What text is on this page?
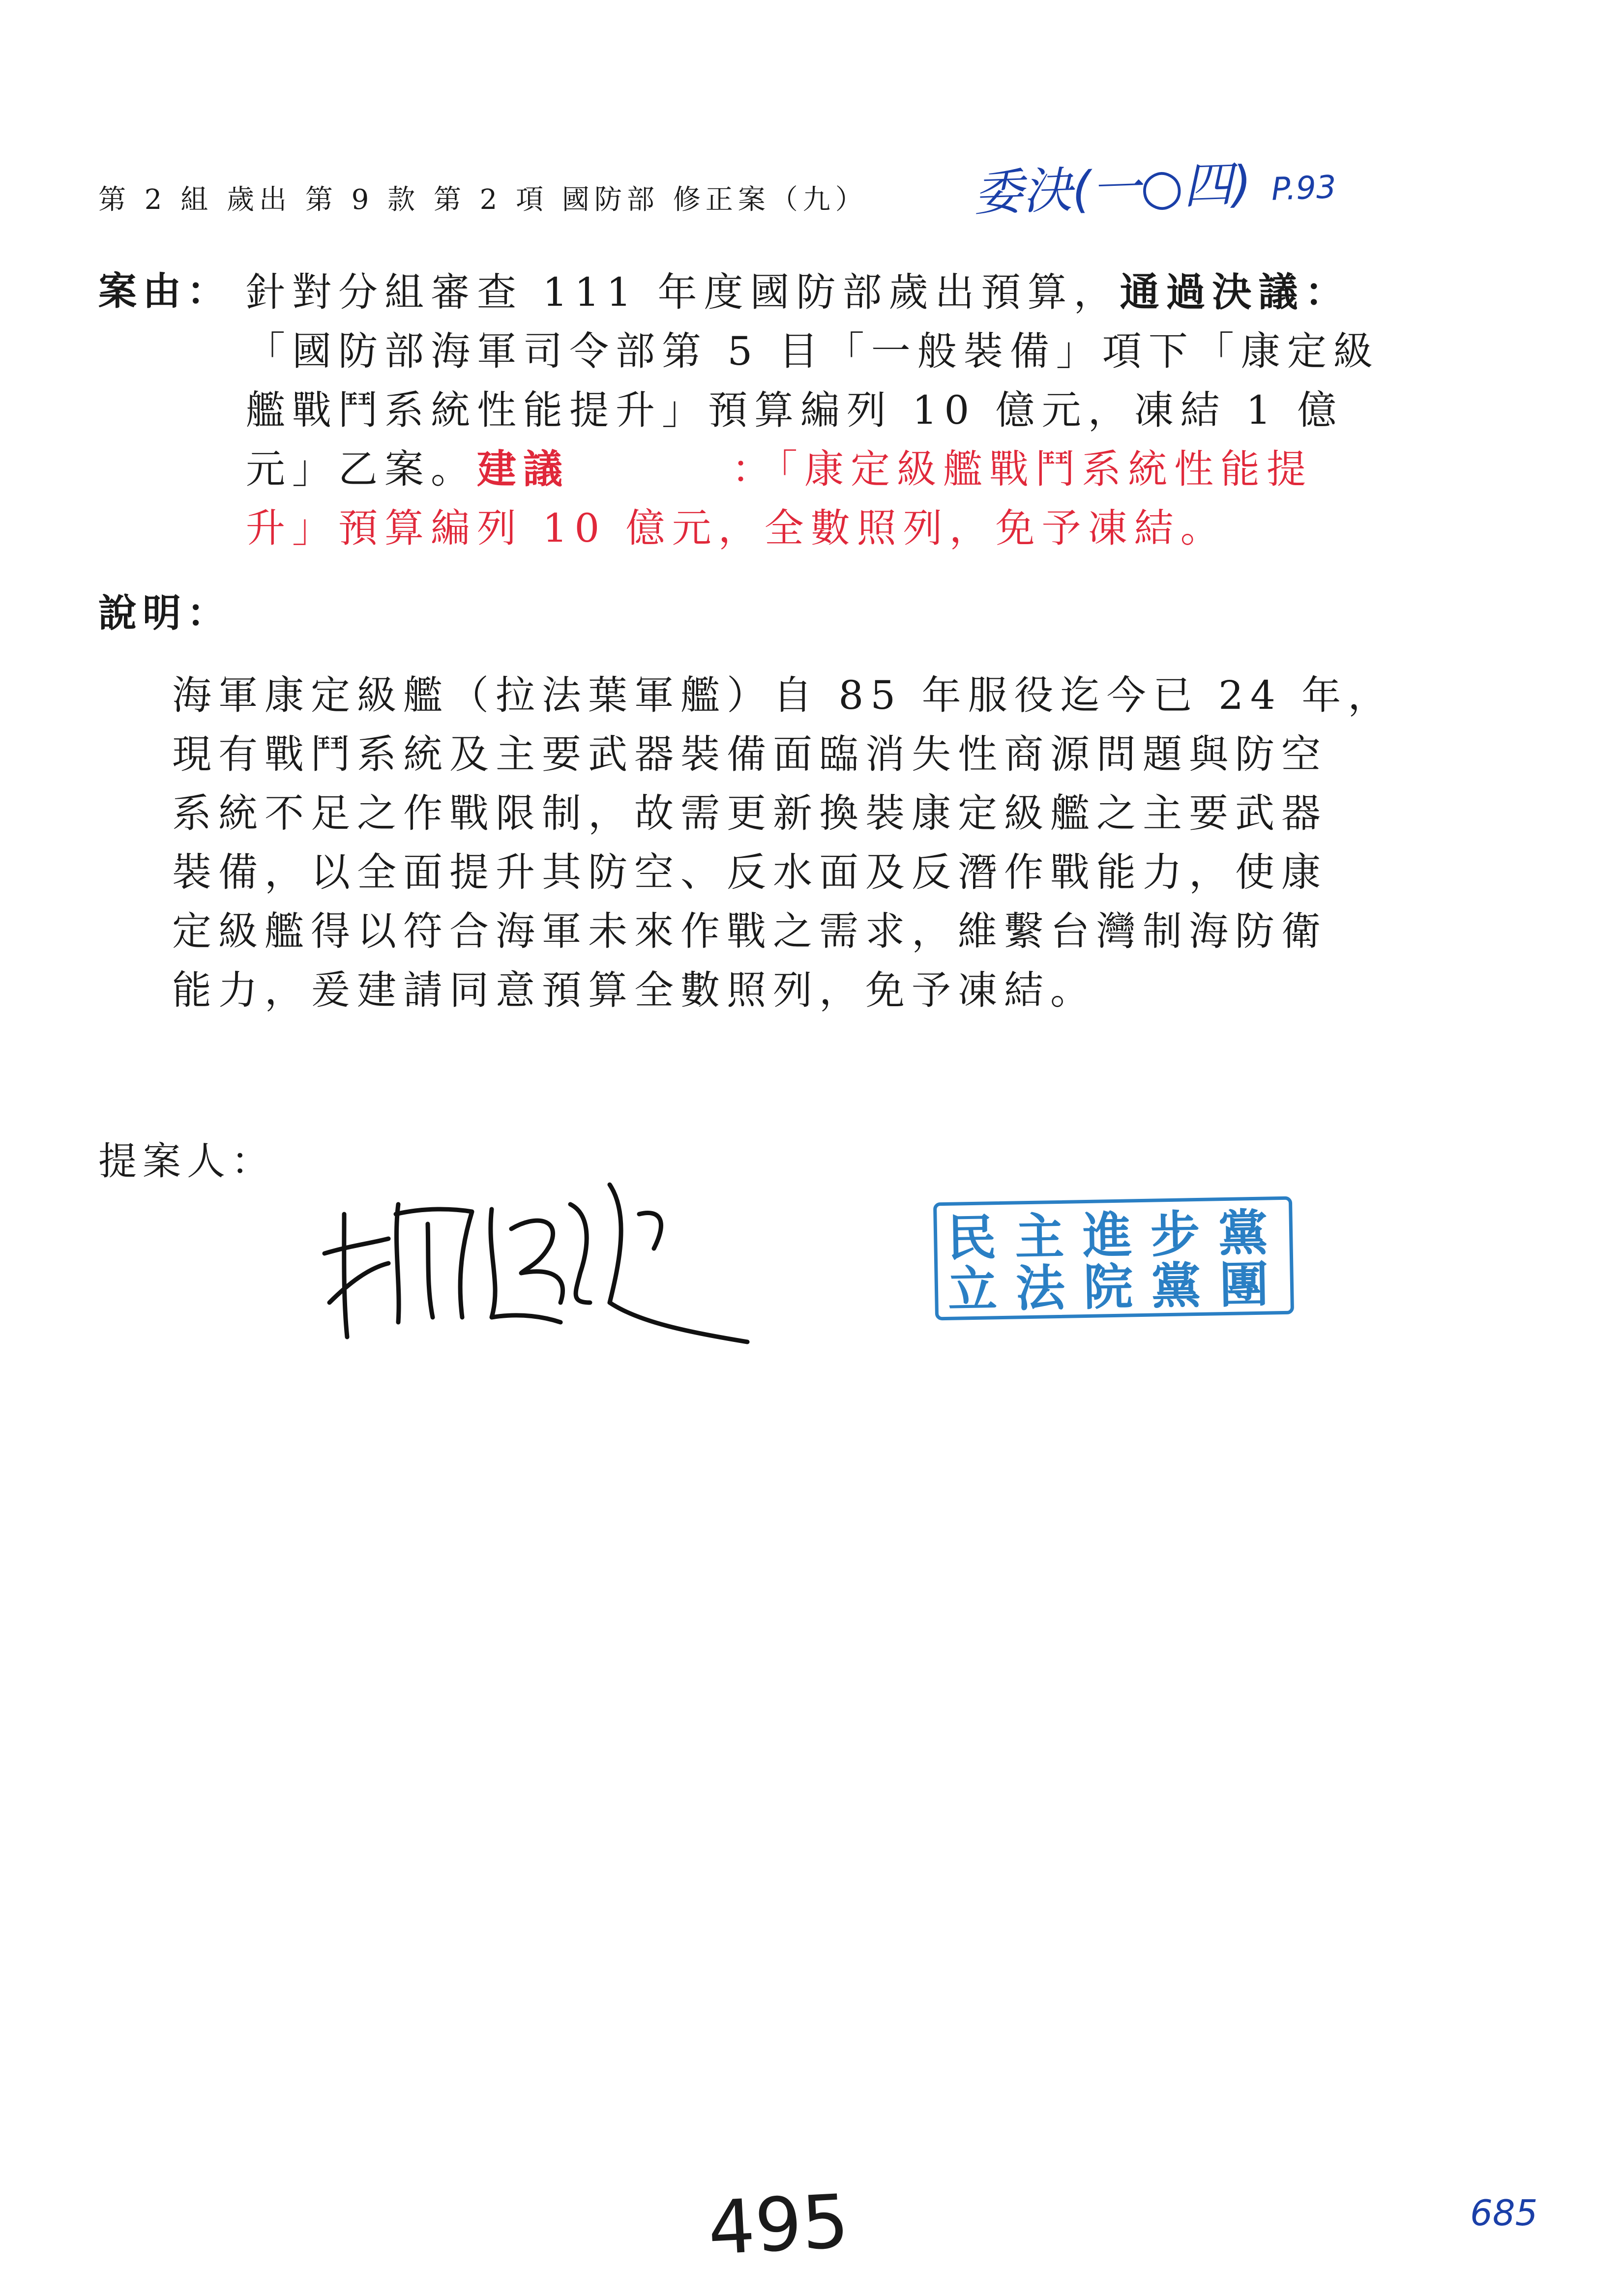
第 2 組 歲出 第 9 款 第 2 項 國防部 修正案（九） 委決(一○四) P.93
案由： 針對分組審查 111 年度國防部歲出預算，通過決議：
「國防部海軍司令部第 5 目「一般裝備」項下「康定級
艦戰鬥系統性能提升」預算編列 10 億元，凍結 1 億
元」乙案。建議	：「康定級艦戰鬥系統性能提
升」預算編列 10 億元，全數照列，免予凍結。
說明：
海軍康定級艦（拉法葉軍艦）自 85 年服役迄今已 24 年，
現有戰鬥系統及主要武器裝備面臨消失性商源問題與防空
系統不足之作戰限制，故需更新換裝康定級艦之主要武器
裝備，以全面提升其防空、反水面及反潛作戰能力，使康
定級艦得以符合海軍未來作戰之需求，維繫台灣制海防衛
能力，爰建請同意預算全數照列，免予凍結。
提案人：
民主進步黨
立法院黨團
495	685
